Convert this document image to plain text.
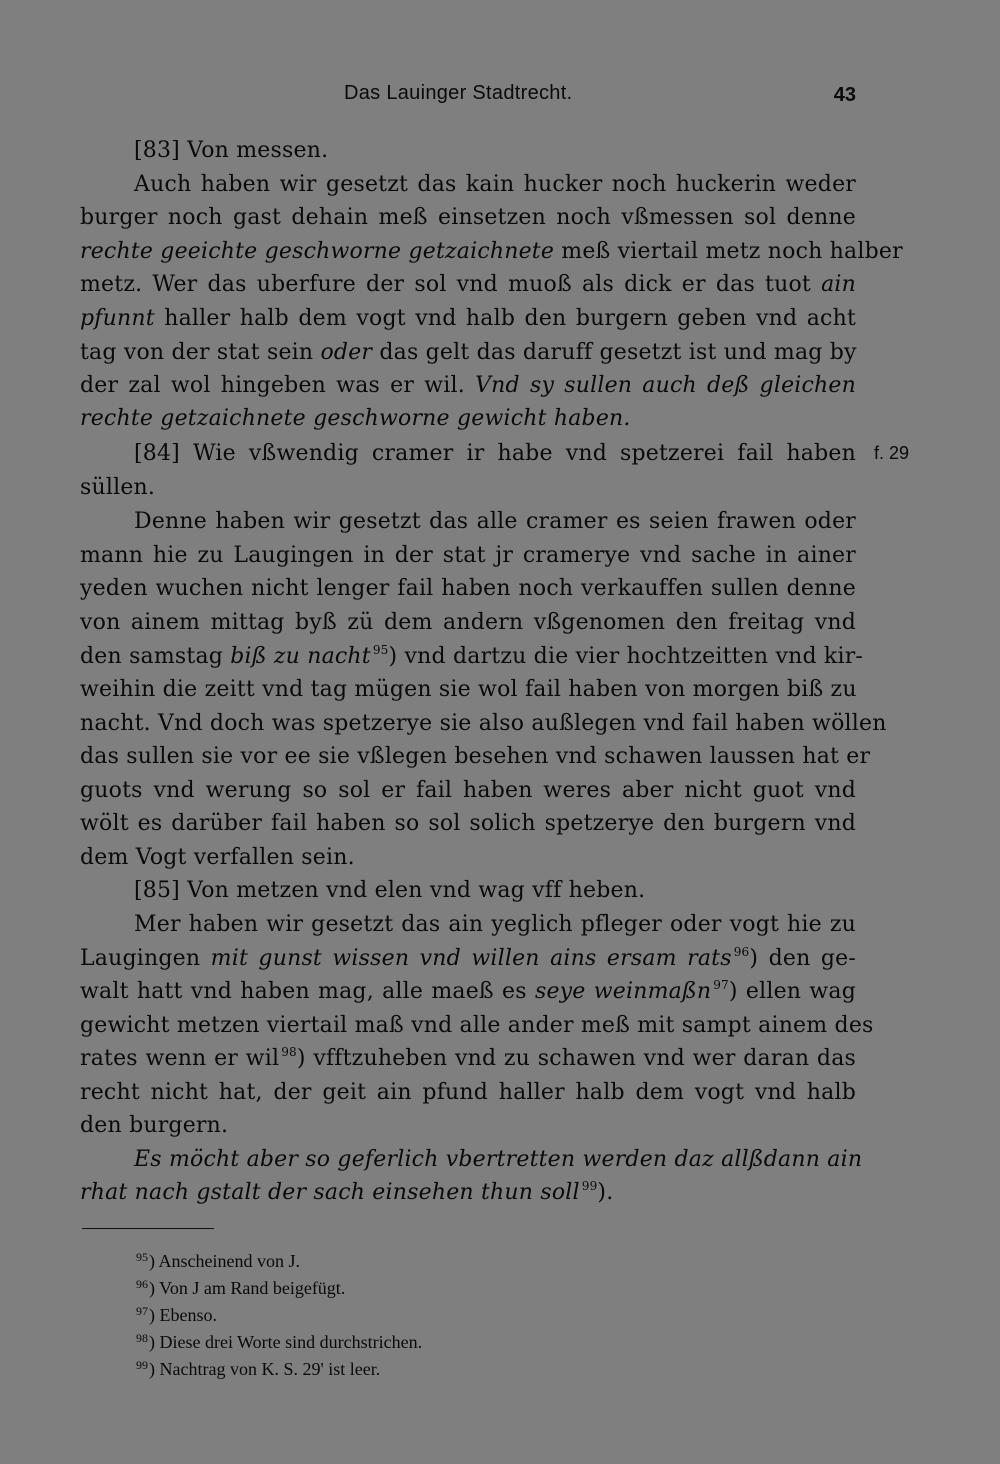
Das Lauinger Stadtrecht.	43
[83] Von messen.
Auch haben wir gesetzt das kain hucker noch huckerin weder
burger noch gast dehain meß einsetzen noch vßmessen sol denne
rechte geeichte geschworne getzaichnete meß viertail metz noch halber
metz. Wer das uberfure der sol vnd muoß als dick er das tuot ain
pfunnt haller halb dem vogt vnd halb den burgern geben vnd acht
tag von der stat sein oder das gelt das daruff gesetzt ist und mag by
der zal wol hingeben was er wil. Vnd sy sullen auch deß gleichen
rechte getzaichnete geschworne gewicht haben.
[84] Wie vßwendig cramer ir habe vnd spetzerei fail haben f. 29
süllen.
Denne haben wir gesetzt das alle cramer es seien frawen oder
mann hie zu Laugingen in der stat jr crameryе vnd sache in ainer
yeden wuchen nicht lenger fail haben noch verkauffen sullen denne
von ainem mittag byß zü dem andern vßgenomen den freitag vnd
den samstag biß zu nacht $^{95}$) vnd dartzu die vier hochtzeitten vnd kir-
weihin die zeitt vnd tag mügen sie wol fail haben von morgen biß zu
nacht. Vnd doch was spetzerye sie also außlegen vnd fail haben wöllen
das sullen sie vor ee sie vßlegen besehen vnd schawen laussen hat er
guots vnd werung so sol er fail haben weres aber nicht guot vnd
wölt es darüber fail haben so sol solich spetzerye den burgern vnd
dem Vogt verfallen sein.
[85] Von metzen vnd elen vnd wag vff heben.
Mer haben wir gesetzt das ain yeglich pfleger oder vogt hie zu
Laugingen mit gunst wissen vnd willen ains ersam rats $^{96}$) den ge-
walt hatt vnd haben mag, alle maeß es seye weinmaßn $^{97}$) ellen wag
gewicht metzen viertail maß vnd alle ander meß mit sampt ainem des
rates wenn er wil $^{98}$) vfftzuheben vnd zu schawen vnd wer daran das
recht nicht hat, der geit ain pfund haller halb dem vogt vnd halb
den burgern.
Es möcht aber so geferlich vbertretten werden daz allßdann ain
rhat nach gstalt der sach einsehen thun soll $^{99}$).
$^{95}$) Anscheinend von J.
$^{96}$) Von J am Rand beigefügt.
$^{97}$) Ebenso.
$^{98}$) Diese drei Worte sind durchstrichen.
$^{99}$) Nachtrag von K. S. 29' ist leer.
